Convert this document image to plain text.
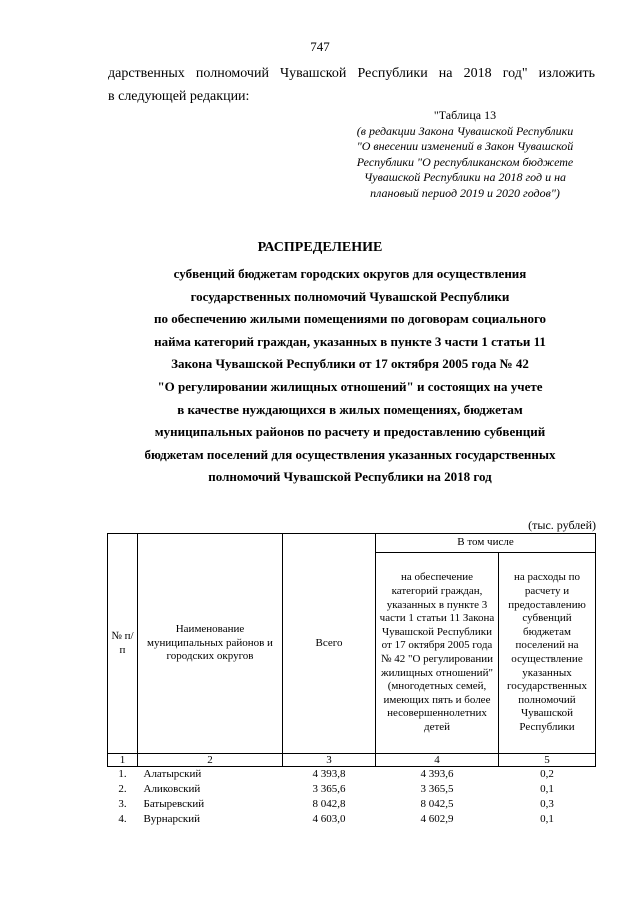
747
дарственных полномочий Чувашской Республики на 2018 год" изложить
в следующей редакции:
"Таблица 13
(в редакции Закона Чувашской Республики
"О внесении изменений в Закон Чувашской
Республики "О республиканском бюджете
Чувашской Республики на 2018 год и на
плановый период 2019 и 2020 годов")
РАСПРЕДЕЛЕНИЕ
субвенций бюджетам городских округов для осуществления
государственных полномочий Чувашской Республики
по обеспечению жилыми помещениями по договорам социального
найма категорий граждан, указанных в пункте 3 части 1 статьи 11
Закона Чувашской Республики от 17 октября 2005 года № 42
"О регулировании жилищных отношений" и состоящих на учете
в качестве нуждающихся в жилых помещениях, бюджетам
муниципальных районов по расчету и предоставлению субвенций
бюджетам поселений для осуществления указанных государственных
полномочий Чувашской Республики на 2018 год
(тыс. рублей)
№ п/п	Наименование муниципальных районов и городских округов	Всего	В том числе	
			на обеспечение категорий граждан, указанных в пункте 3 части 1 статьи 11 Закона Чувашской Республики от 17 октября 2005 года № 42 "О регулировании жилищных отношений" (многодетных семей, имеющих пять и более несовершеннолетних детей	на расходы по расчету и предоставлению субвенций бюджетам поселений на осуществление указанных государственных полномочий Чувашской Республики
1	2	3	4	5
1.	Алатырский	4 393,8	4 393,6	0,2
2.	Аликовский	3 365,6	3 365,5	0,1
3.	Батыревский	8 042,8	8 042,5	0,3
4.	Вурнарский	4 603,0	4 602,9	0,1
